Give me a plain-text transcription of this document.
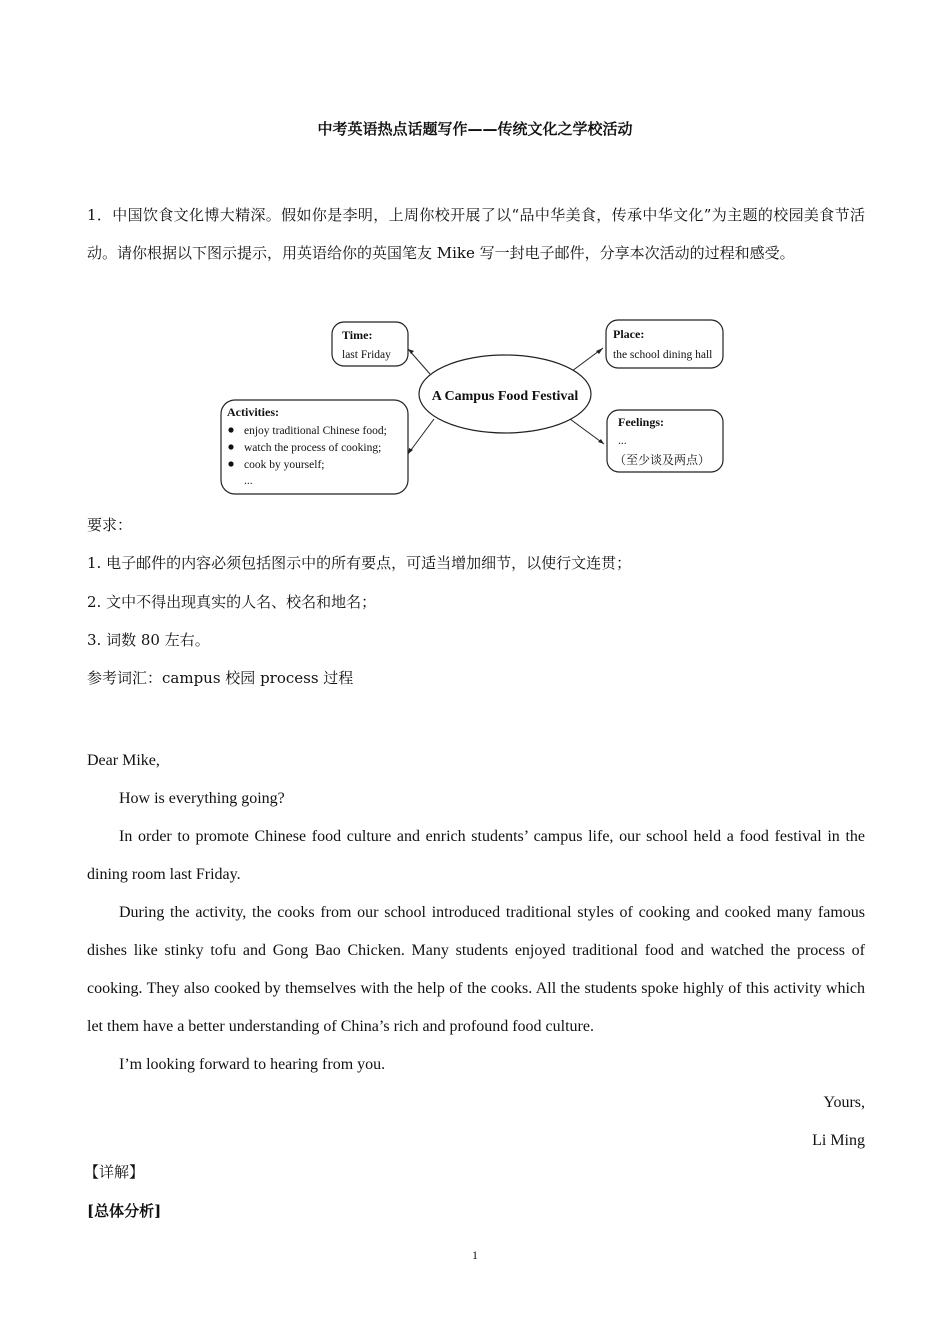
中考英语热点话题写作——传统文化之学校活动
1．中国饮食文化博大精深。假如你是李明，上周你校开展了以“品中华美食，传承中华文化”为主题的校园美食节活动。请你根据以下图示提示，用英语给你的英国笔友 Mike 写一封电子邮件，分享本次活动的过程和感受。
A Campus Food Festival
Time:
last Friday
Place:
the school dining hall
Activities:
enjoy traditional Chinese food;
watch the process of cooking;
cook by yourself;
...
Feelings:
...
（至少谈及两点）
要求：
1. 电子邮件的内容必须包括图示中的所有要点，可适当增加细节，以使行文连贯；
2. 文中不得出现真实的人名、校名和地名；
3. 词数 80 左右。
参考词汇：campus 校园 process 过程

Dear Mike,

How is everything going?

In order to promote Chinese food culture and enrich students’ campus life, our school held a food festival in the dining room last Friday.

During the activity, the cooks from our school introduced traditional styles of cooking and cooked many famous dishes like stinky tofu and Gong Bao Chicken. Many students enjoyed traditional food and watched the process of cooking. They also cooked by themselves with the help of the cooks. All the students spoke highly of this activity which let them have a better understanding of China’s rich and profound food culture.

I’m looking forward to hearing from you.

Yours,

Li Ming

【详解】
[总体分析]
1
